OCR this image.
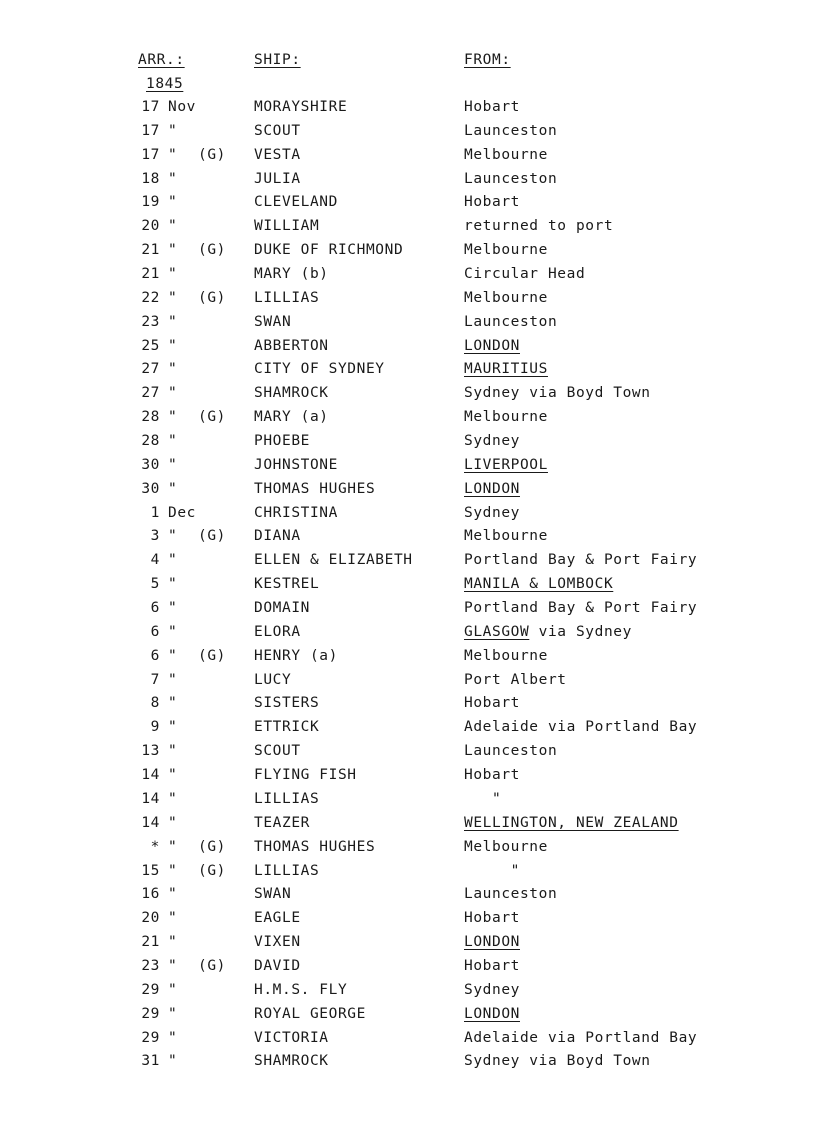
ARR.:	SHIP:	FROM:
1845
17 Nov	MORAYSHIRE	Hobart
17 "	SCOUT	Launceston
17 " (G) VESTA	Melbourne
18 "	JULIA	Launceston
19 "	CLEVELAND	Hobart
20 "	WILLIAM	returned to port
21 " (G) DUKE OF RICHMOND	Melbourne
21 "	MARY (b)	Circular Head
22 " (G) LILLIAS	Melbourne
23 "	SWAN	Launceston
25 "	ABBERTON	LONDON
27 "	CITY OF SYDNEY	MAURITIUS
27 "	SHAMROCK	Sydney via Boyd Town
28 " (G) MARY (a)	Melbourne
28 "	PHOEBE	Sydney
30 "	JOHNSTONE	LIVERPOOL
30 "	THOMAS HUGHES	LONDON
1 Dec	CHRISTINA	Sydney
3 " (G) DIANA	Melbourne
4 "	ELLEN & ELIZABETH	Portland Bay & Port Fairy
5 "	KESTREL	MANILA & LOMBOCK
6 "	DOMAIN	Portland Bay & Port Fairy
6 "	ELORA	GLASGOW via Sydney
6 " (G) HENRY (a)	Melbourne
7 "	LUCY	Port Albert
8 "	SISTERS	Hobart
9 "	ETTRICK	Adelaide via Portland Bay
13 "	SCOUT	Launceston
14 "	FLYING FISH	Hobart
14 "	LILLIAS	"
14 "	TEAZER	WELLINGTON, NEW ZEALAND
* " (G) THOMAS HUGHES	Melbourne
15 " (G) LILLIAS	"
16 "	SWAN	Launceston
20 "	EAGLE	Hobart
21 "	VIXEN	LONDON
23 " (G) DAVID	Hobart
29 "	H.M.S. FLY	Sydney
29 "	ROYAL GEORGE	LONDON
29 "	VICTORIA	Adelaide via Portland Bay
31 "	SHAMROCK	Sydney via Boyd Town
